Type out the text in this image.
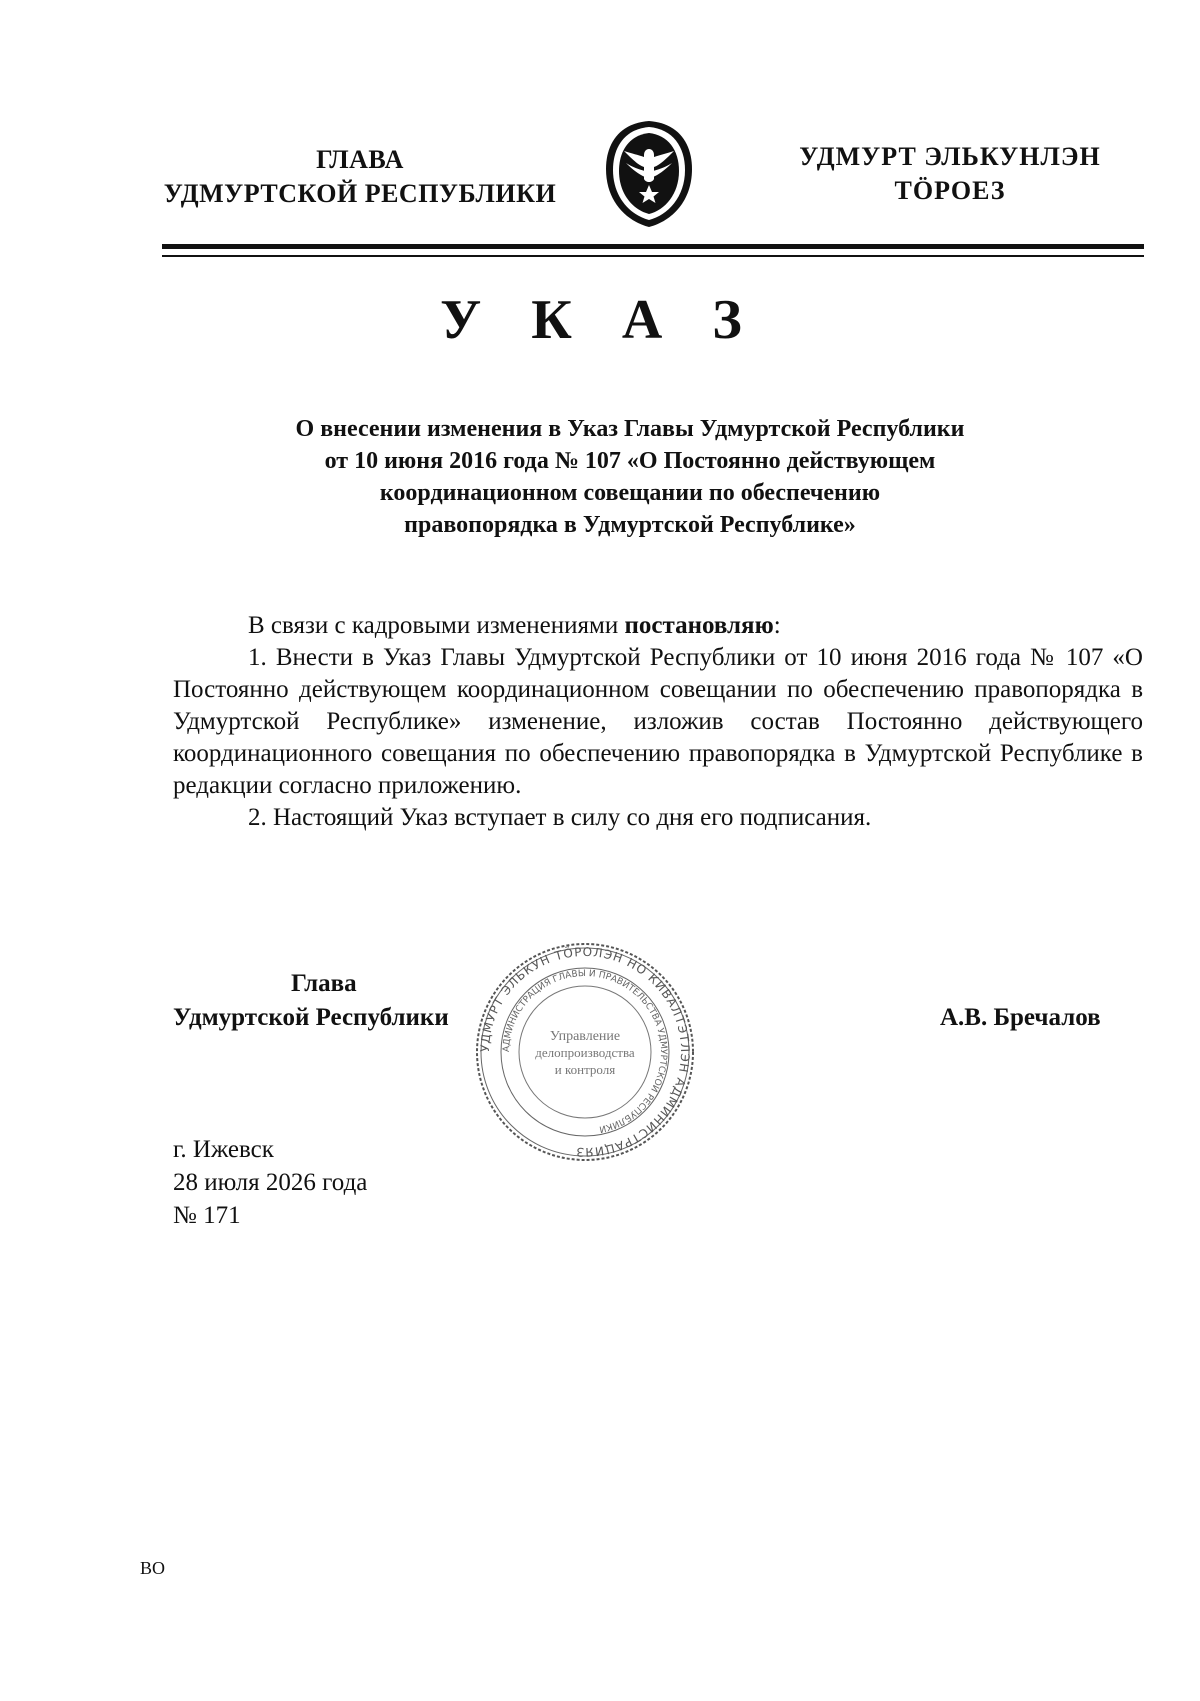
ГЛАВА
УДМУРТСКОЙ РЕСПУБЛИКИ
УДМУРТ ЭЛЬКУНЛЭН
ТӦРОЕЗ
У К А З
О внесении изменения в Указ Главы Удмуртской Республики
от 10 июня 2016 года № 107 «О Постоянно действующем
координационном совещании по обеспечению
правопорядка в Удмуртской Республике»

В связи с кадровыми изменениями постановляю:

1. Внести в Указ Главы Удмуртской Республики от 10 июня 2016 года № 107 «О Постоянно действующем координационном совещании по обеспечению правопорядка в Удмуртской Республике» изменение, изложив состав Постоянно действующего координационного совещания по обеспечению правопорядка в Удмуртской Республике в редакции согласно приложению.

2. Настоящий Указ вступает в силу со дня его подписания.

Глава
Удмуртской Республики
УДМУРТ ЭЛЬКУН ТӦРОЛЭН НО КИВАЛТЭТЛЭН АДМИНИСТРАЦИЯЗ
АДМИНИСТРАЦИЯ ГЛАВЫ И ПРАВИТЕЛЬСТВА УДМУРТСКОЙ РЕСПУБЛИКИ
Управление
делопроизводства
и контроля
А.В. Бречалов
г. Ижевск
28 июля 2026 года
№ 171
ВО
